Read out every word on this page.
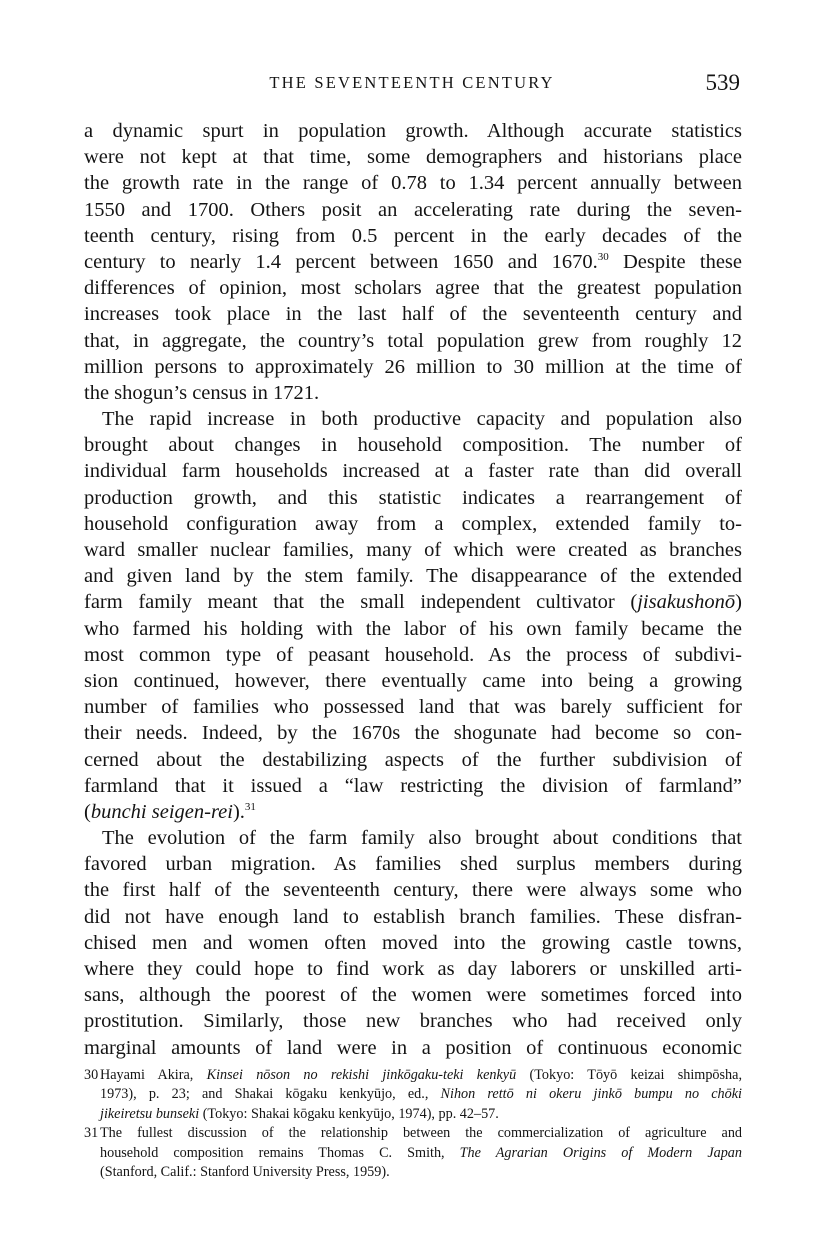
THE SEVENTEENTH CENTURY	539
a dynamic spurt in population growth. Although accurate statistics
were not kept at that time, some demographers and historians place
the growth rate in the range of 0.78 to 1.34 percent annually between
1550 and 1700. Others posit an accelerating rate during the seven-
teenth century, rising from 0.5 percent in the early decades of the
century to nearly 1.4 percent between 1650 and 1670.30 Despite these
differences of opinion, most scholars agree that the greatest population
increases took place in the last half of the seventeenth century and
that, in aggregate, the country’s total population grew from roughly 12
million persons to approximately 26 million to 30 million at the time of
the shogun’s census in 1721.
The rapid increase in both productive capacity and population also
brought about changes in household composition. The number of
individual farm households increased at a faster rate than did overall
production growth, and this statistic indicates a rearrangement of
household configuration away from a complex, extended family to-
ward smaller nuclear families, many of which were created as branches
and given land by the stem family. The disappearance of the extended
farm family meant that the small independent cultivator (jisakushonō)
who farmed his holding with the labor of his own family became the
most common type of peasant household. As the process of subdivi-
sion continued, however, there eventually came into being a growing
number of families who possessed land that was barely sufficient for
their needs. Indeed, by the 1670s the shogunate had become so con-
cerned about the destabilizing aspects of the further subdivision of
farmland that it issued a “law restricting the division of farmland”
(bunchi seigen-rei).$^{31}$
The evolution of the farm family also brought about conditions that
favored urban migration. As families shed surplus members during
the first half of the seventeenth century, there were always some who
did not have enough land to establish branch families. These disfran-
chised men and women often moved into the growing castle towns,
where they could hope to find work as day laborers or unskilled arti-
sans, although the poorest of the women were sometimes forced into
prostitution. Similarly, those new branches who had received only
marginal amounts of land were in a position of continuous economic
30 Hayami Akira, Kinsei nōson no rekishi jinkōgaku-teki kenkyū (Tokyo: Tōyō keizai shimpōsha,
1973), p. 23; and Shakai kōgaku kenkyūjo, ed., Nihon rettō ni okeru jinkō bumpu no chōki
jikeiretsu bunseki (Tokyo: Shakai kōgaku kenkyūjo, 1974), pp. 42–57.
31 The fullest discussion of the relationship between the commercialization of agriculture and
household composition remains Thomas C. Smith, The Agrarian Origins of Modern Japan
(Stanford, Calif.: Stanford University Press, 1959).
